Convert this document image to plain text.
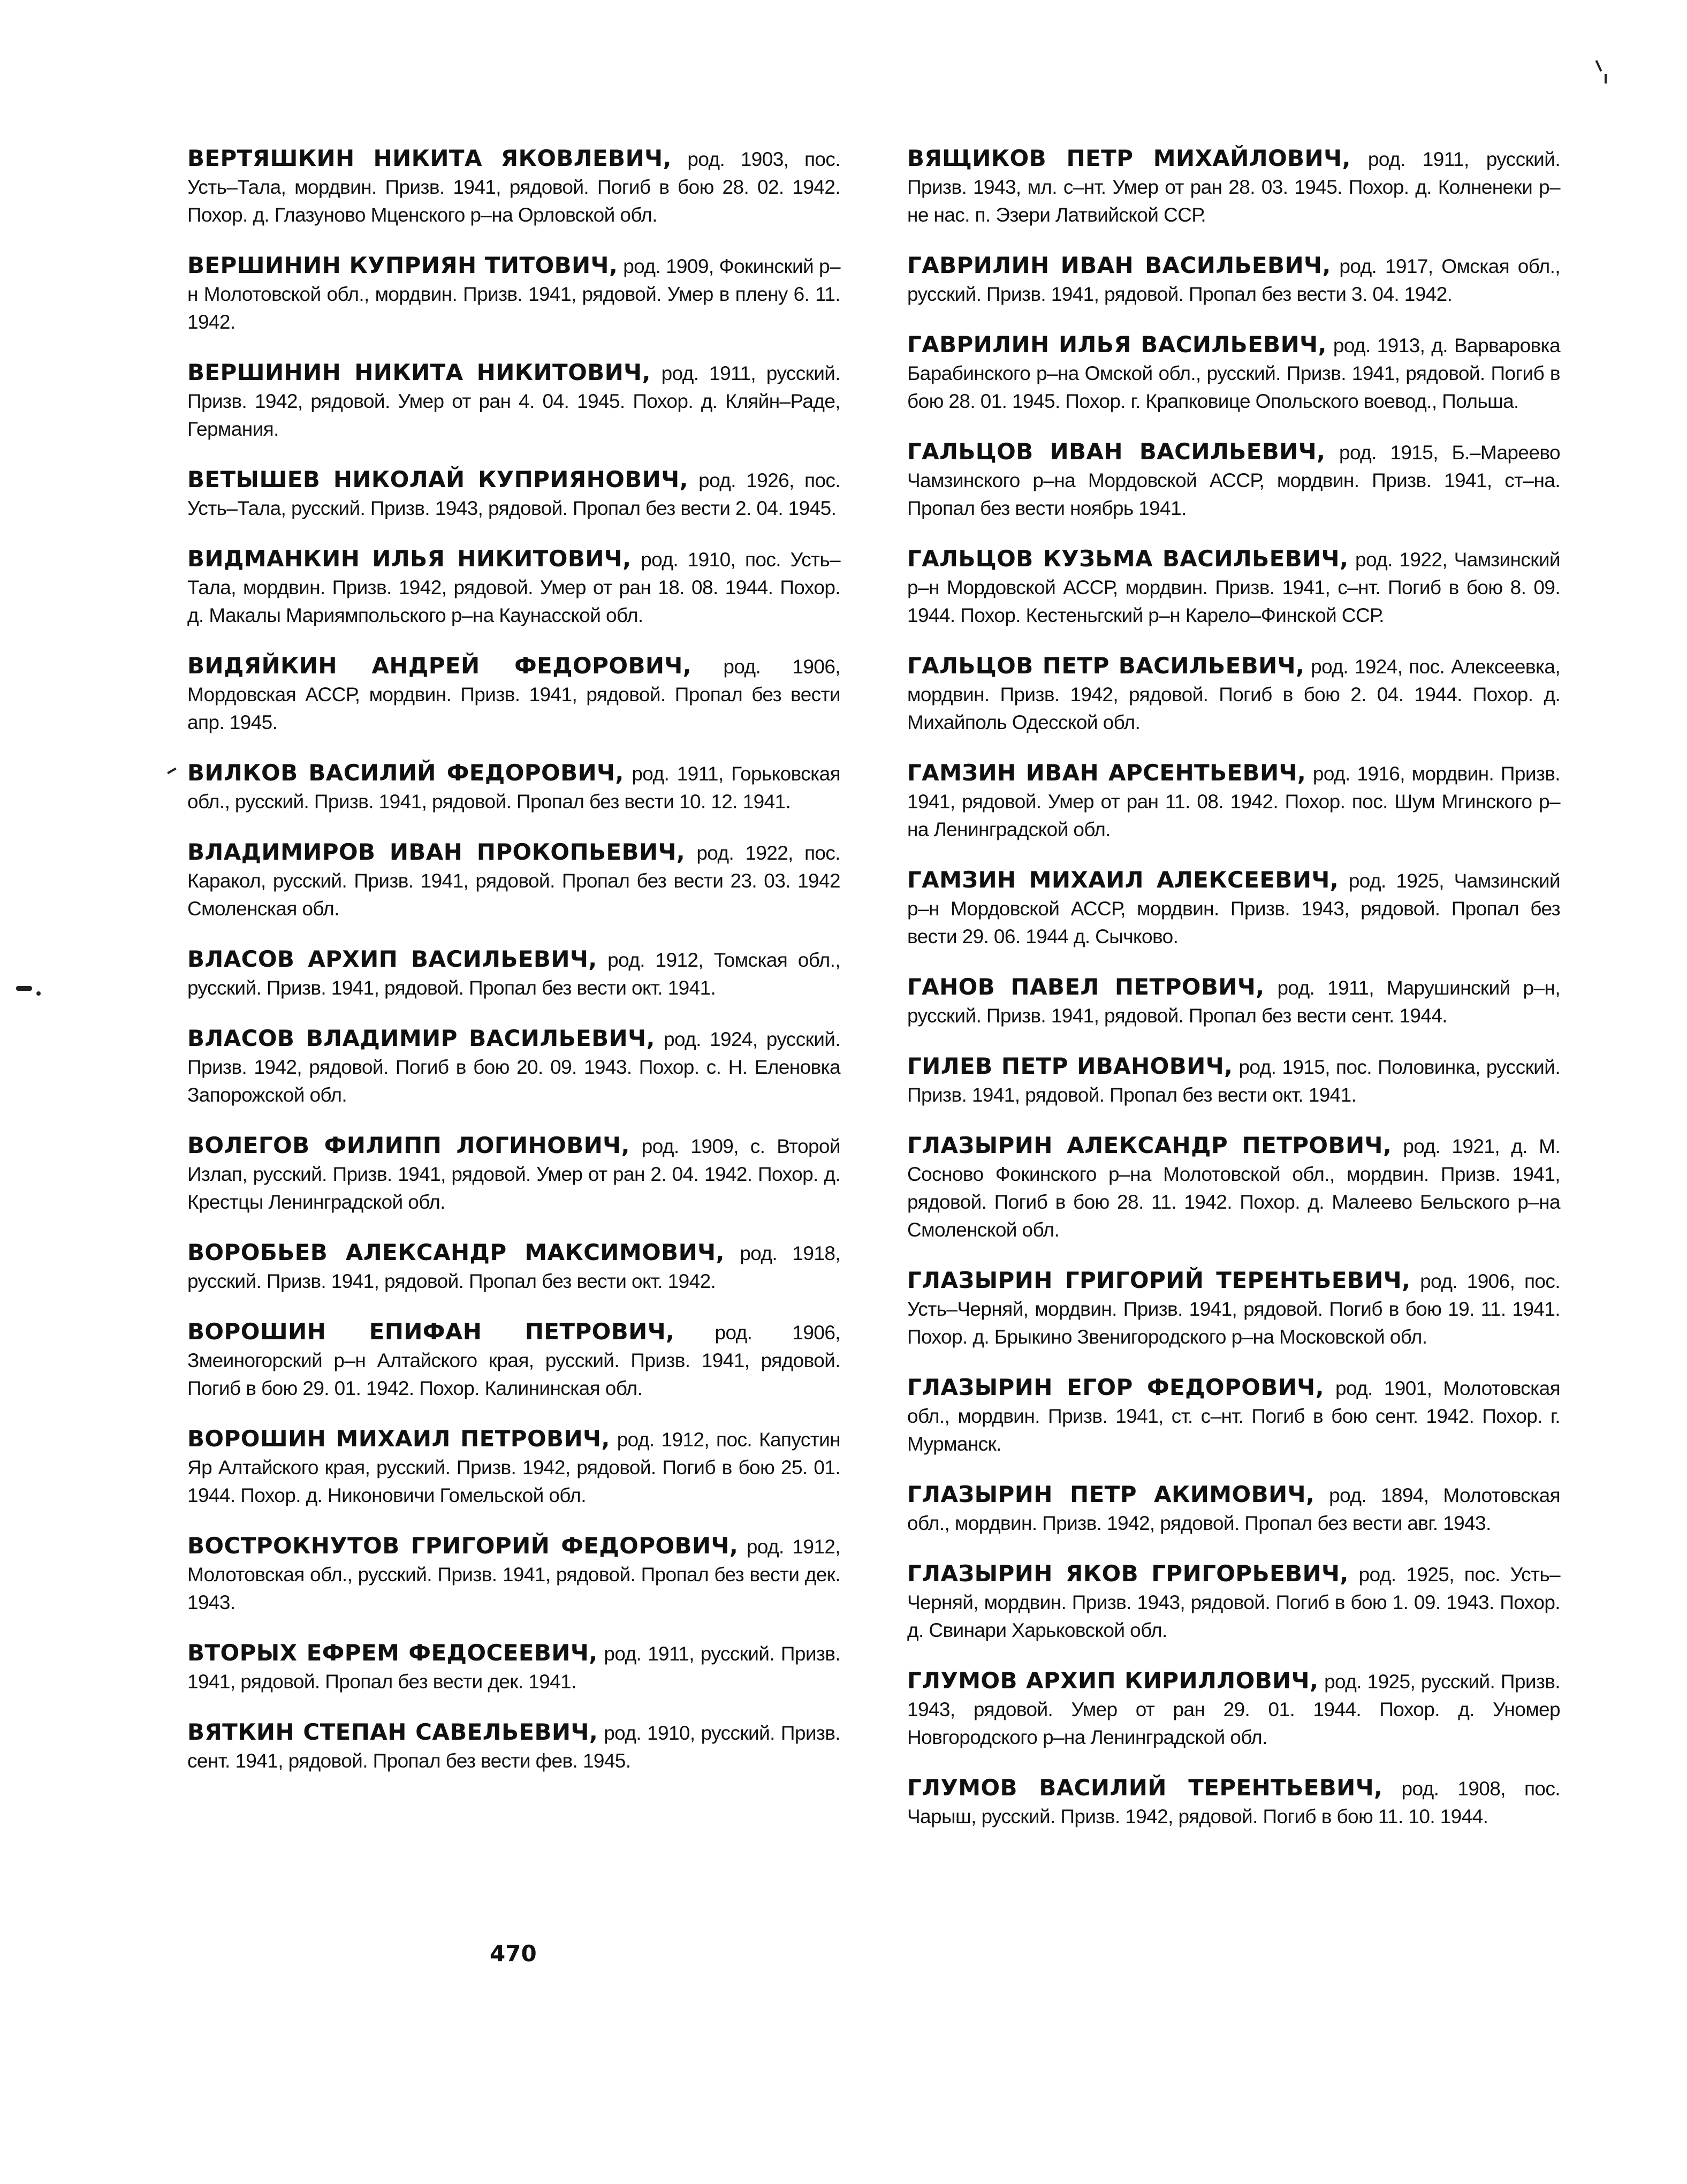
ВЕРТЯШКИН НИКИТА ЯКОВЛЕВИЧ, род. 1903, пос. Усть–Тала, мордвин. Призв. 1941, рядовой. Погиб в бою 28. 02. 1942. Похор. д. Глазуново Мценского р–на Орловской обл.

ВЕРШИНИН КУПРИЯН ТИТОВИЧ, род. 1909, Фокинский р–н Молотовской обл., мордвин. Призв. 1941, рядовой. Умер в плену 6. 11. 1942.

ВЕРШИНИН НИКИТА НИКИТОВИЧ, род. 1911, русский. Призв. 1942, рядовой. Умер от ран 4. 04. 1945. Похор. д. Кляйн–Раде, Германия.

ВЕТЫШЕВ НИКОЛАЙ КУПРИЯНОВИЧ, род. 1926, пос. Усть–Тала, русский. Призв. 1943, рядовой. Пропал без вести 2. 04. 1945.

ВИДМАНКИН ИЛЬЯ НИКИТОВИЧ, род. 1910, пос. Усть–Тала, мордвин. Призв. 1942, рядовой. Умер от ран 18. 08. 1944. Похор. д. Макалы Мариямпольского р–на Каунасской обл.

ВИДЯЙКИН АНДРЕЙ ФЕДОРОВИЧ, род. 1906, Мордовская АССР, мордвин. Призв. 1941, рядовой. Пропал без вести апр. 1945.

ВИЛКОВ ВАСИЛИЙ ФЕДОРОВИЧ, род. 1911, Горьковская обл., русский. Призв. 1941, рядовой. Пропал без вести 10. 12. 1941.

ВЛАДИМИРОВ ИВАН ПРОКОПЬЕВИЧ, род. 1922, пос. Каракол, русский. Призв. 1941, рядовой. Пропал без вести 23. 03. 1942 Смоленская обл.

ВЛАСОВ АРХИП ВАСИЛЬЕВИЧ, род. 1912, Томская обл., русский. Призв. 1941, рядовой. Пропал без вести окт. 1941.

ВЛАСОВ ВЛАДИМИР ВАСИЛЬЕВИЧ, род. 1924, русский. Призв. 1942, рядовой. Погиб в бою 20. 09. 1943. Похор. с. Н. Еленовка Запорожской обл.

ВОЛЕГОВ ФИЛИПП ЛОГИНОВИЧ, род. 1909, с. Второй Излап, русский. Призв. 1941, рядовой. Умер от ран 2. 04. 1942. Похор. д. Крестцы Ленинградской обл.

ВОРОБЬЕВ АЛЕКСАНДР МАКСИМОВИЧ, род. 1918, русский. Призв. 1941, рядовой. Пропал без вести окт. 1942.

ВОРОШИН ЕПИФАН ПЕТРОВИЧ, род. 1906, Змеиногорский р–н Алтайского края, русский. Призв. 1941, рядовой. Погиб в бою 29. 01. 1942. Похор. Калининская обл.

ВОРОШИН МИХАИЛ ПЕТРОВИЧ, род. 1912, пос. Капустин Яр Алтайского края, русский. Призв. 1942, рядовой. Погиб в бою 25. 01. 1944. Похор. д. Никоновичи Гомельской обл.

ВОСТРОКНУТОВ ГРИГОРИЙ ФЕДОРОВИЧ, род. 1912, Молотовская обл., русский. Призв. 1941, рядовой. Пропал без вести дек. 1943.

ВТОРЫХ ЕФРЕМ ФЕДОСЕЕВИЧ, род. 1911, русский. Призв. 1941, рядовой. Пропал без вести дек. 1941.

ВЯТКИН СТЕПАН САВЕЛЬЕВИЧ, род. 1910, русский. Призв. сент. 1941, рядовой. Пропал без вести фев. 1945.

ВЯЩИКОВ ПЕТР МИХАЙЛОВИЧ, род. 1911, русский. Призв. 1943, мл. с–нт. Умер от ран 28. 03. 1945. Похор. д. Колненеки р–не нас. п. Эзери Латвийской ССР.

ГАВРИЛИН ИВАН ВАСИЛЬЕВИЧ, род. 1917, Омская обл., русский. Призв. 1941, рядовой. Пропал без вести 3. 04. 1942.

ГАВРИЛИН ИЛЬЯ ВАСИЛЬЕВИЧ, род. 1913, д. Варваровка Барабинского р–на Омской обл., русский. Призв. 1941, рядовой. Погиб в бою 28. 01. 1945. Похор. г. Крапковице Опольского воевод., Польша.

ГАЛЬЦОВ ИВАН ВАСИЛЬЕВИЧ, род. 1915, Б.–Мареево Чамзинского р–на Мордовской АССР, мордвин. Призв. 1941, ст–на. Пропал без вести ноябрь 1941.

ГАЛЬЦОВ КУЗЬМА ВАСИЛЬЕВИЧ, род. 1922, Чамзинский р–н Мордовской АССР, мордвин. Призв. 1941, с–нт. Погиб в бою 8. 09. 1944. Похор. Кестеньгский р–н Карело–Финской ССР.

ГАЛЬЦОВ ПЕТР ВАСИЛЬЕВИЧ, род. 1924, пос. Алексеевка, мордвин. Призв. 1942, рядовой. Погиб в бою 2. 04. 1944. Похор. д. Михайполь Одесской обл.

ГАМЗИН ИВАН АРСЕНТЬЕВИЧ, род. 1916, мордвин. Призв. 1941, рядовой. Умер от ран 11. 08. 1942. Похор. пос. Шум Мгинского р–на Ленинградской обл.

ГАМЗИН МИХАИЛ АЛЕКСЕЕВИЧ, род. 1925, Чамзинский р–н Мордовской АССР, мордвин. Призв. 1943, рядовой. Пропал без вести 29. 06. 1944 д. Сычково.

ГАНОВ ПАВЕЛ ПЕТРОВИЧ, род. 1911, Марушинский р–н, русский. Призв. 1941, рядовой. Пропал без вести сент. 1944.

ГИЛЕВ ПЕТР ИВАНОВИЧ, род. 1915, пос. Половинка, русский. Призв. 1941, рядовой. Пропал без вести окт. 1941.

ГЛАЗЫРИН АЛЕКСАНДР ПЕТРОВИЧ, род. 1921, д. М. Сосново Фокинского р–на Молотовской обл., мордвин. Призв. 1941, рядовой. Погиб в бою 28. 11. 1942. Похор. д. Малеево Бельского р–на Смоленской обл.

ГЛАЗЫРИН ГРИГОРИЙ ТЕРЕНТЬЕВИЧ, род. 1906, пос. Усть–Черняй, мордвин. Призв. 1941, рядовой. Погиб в бою 19. 11. 1941. Похор. д. Брыкино Звенигородского р–на Московской обл.

ГЛАЗЫРИН ЕГОР ФЕДОРОВИЧ, род. 1901, Молотовская обл., мордвин. Призв. 1941, ст. с–нт. Погиб в бою сент. 1942. Похор. г. Мурманск.

ГЛАЗЫРИН ПЕТР АКИМОВИЧ, род. 1894, Молотовская обл., мордвин. Призв. 1942, рядовой. Пропал без вести авг. 1943.

ГЛАЗЫРИН ЯКОВ ГРИГОРЬЕВИЧ, род. 1925, пос. Усть–Черняй, мордвин. Призв. 1943, рядовой. Погиб в бою 1. 09. 1943. Похор. д. Свинари Харьковской обл.

ГЛУМОВ АРХИП КИРИЛЛОВИЧ, род. 1925, русский. Призв. 1943, рядовой. Умер от ран 29. 01. 1944. Похор. д. Уномер Новгородского р–на Ленинградской обл.

ГЛУМОВ ВАСИЛИЙ ТЕРЕНТЬЕВИЧ, род. 1908, пос. Чарыш, русский. Призв. 1942, рядовой. Погиб в бою 11. 10. 1944.

470
